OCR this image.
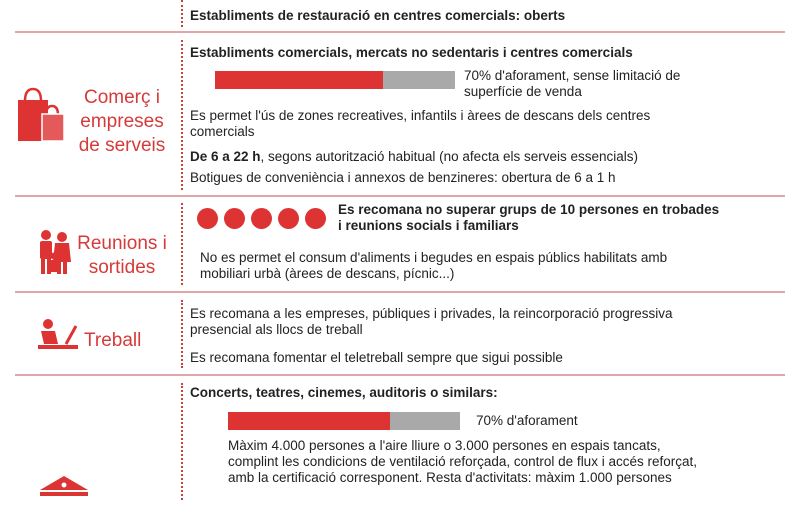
Establiments de restauració en centres comercials: oberts
Comerç i
empreses
de serveis
Establiments comercials, mercats no sedentaris i centres comercials
70% d'aforament, sense limitació de
superfície de venda
Es permet l'ús de zones recreatives, infantils i àrees de descans dels centres
comercials
De 6 a 22 h, segons autorització habitual (no afecta els serveis essencials)
Botigues de conveniència i annexos de benzineres: obertura de 6 a 1 h
Reunions i
sortides
Es recomana no superar grups de 10 persones en trobades
i reunions socials i familiars
No es permet el consum d'aliments i begudes en espais públics habilitats amb
mobiliari urbà (àrees de descans, pícnic...)
Treball
Es recomana a les empreses, públiques i privades, la reincorporació progressiva
presencial als llocs de treball
Es recomana fomentar el teletreball sempre que sigui possible
Concerts, teatres, cinemes, auditoris o similars:
70% d'aforament
Màxim 4.000 persones a l'aire lliure o 3.000 persones en espais tancats,
complint les condicions de ventilació reforçada, control de flux i accés reforçat,
amb la certificació corresponent. Resta d'activitats: màxim 1.000 persones
